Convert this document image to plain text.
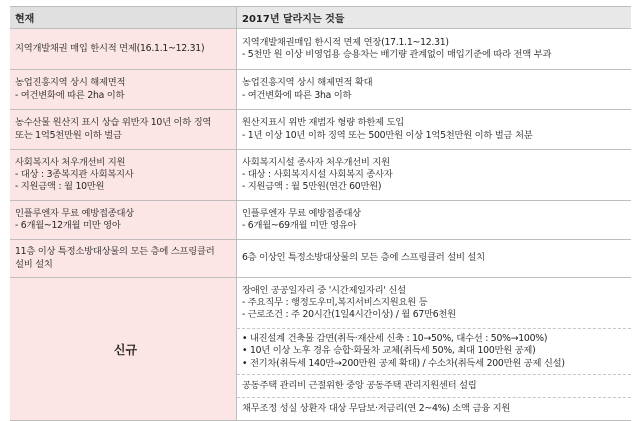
현재	2017년 달라지는 것들
지역개발채권 매입 한시적 면제(16.1.1~12.31)
지역개발채권매입 한시적 면제 연장(17.1.1~12.31)
- 5천만 원 이상 비영업용 승용차는 배기량 관계없이 매입기준에 따라 전액 부과
농업진흥지역 상시 해제면적
- 여건변화에 따른 2ha 이하
농업진흥지역 상시 해제면적 확대
- 여건변화에 따른 3ha 이하
농수산물 원산지 표시 상습 위반자 10년 이하 징역
또는 1억5천만원 이하 벌금
원산지표시 위반 재범자 형량 하한제 도입
- 1년 이상 10년 이하 징역 또는 500만원 이상 1억5천만원 이하 벌금 처분
사회복지사 처우개선비 지원
- 대상 : 3종복지관 사회복지사
- 지원금액 : 월 10만원
사회복지시설 종사자 처우개선비 지원
- 대상 : 사회복지시설 사회복지 종사자
- 지원금액 : 월 5만원(연간 60만원)
인플루엔자 무료 예방접종대상
- 6개월~12개월 미만 영아
인플루엔자 무료 예방접종대상
- 6개월~69개월 미만 영유아
11층 이상 특정소방대상물의 모든 층에 스프링클러
설비 설치
6층 이상인 특정소방대상물의 모든 층에 스프링클러 설비 설치
신규
장애인 공공일자리 중 '시간제일자리' 신설
- 주요직무 : 행정도우미,복지서비스지원요원 등
- 근로조건 : 주 20시간(1일4시간이상) / 월 67만6천원
• 내진설계 건축물 감면(취득·재산세 신축 : 10→50%, 대수선 : 50%→100%)
• 10년 이상 노후 경유 승합·화물차 교체(취득세 50%, 최대 100만원 공제)
• 전기차(취득세 140만→200만원 공제 확대) / 수소차(취득세 200만원 공제 신설)
공동주택 관리비 근절위한 중앙 공동주택 관리지원센터 설립
채무조정 성실 상환자 대상 무담보·저금리(연 2~4%) 소액 금융 지원
